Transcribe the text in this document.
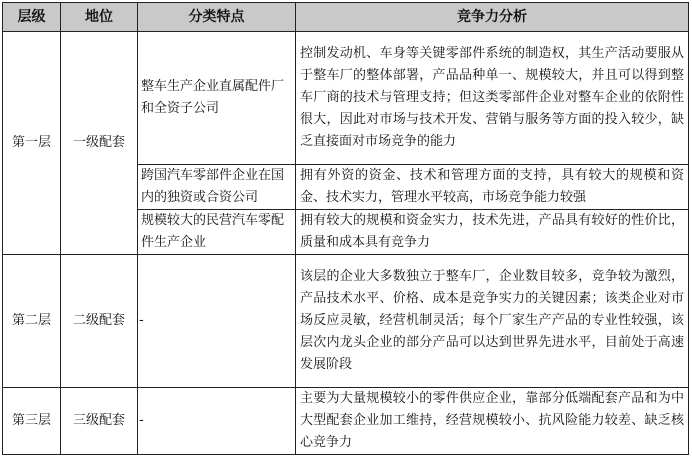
层级	地位	分类特点	竞争力分析
第一层	一级配套	整车生产企业直属配件厂和全资子公司	控制发动机、车身等关键零部件系统的制造权，其生产活动要服从于整车厂的整体部署，产品品种单一、规模较大，并且可以得到整车厂商的技术与管理支持；但这类零部件企业对整车企业的依附性很大，因此对市场与技术开发、营销与服务等方面的投入较少，缺乏直接面对市场竞争的能力
		跨国汽车零部件企业在国内的独资或合资公司	拥有外资的资金、技术和管理方面的支持，具有较大的规模和资金、技术实力，管理水平较高，市场竞争能力较强
		规模较大的民营汽车零配件生产企业	拥有较大的规模和资金实力，技术先进，产品具有较好的性价比，质量和成本具有竞争力
第二层	二级配套	-	该层的企业大多数独立于整车厂，企业数目较多，竞争较为激烈，产品技术水平、价格、成本是竞争实力的关键因素；该类企业对市场反应灵敏，经营机制灵活；每个厂家生产产品的专业性较强，该层次内龙头企业的部分产品可以达到世界先进水平，目前处于高速发展阶段
第三层	三级配套	-	主要为大量规模较小的零件供应企业，靠部分低端配套产品和为中大型配套企业加工维持，经营规模较小、抗风险能力较差、缺乏核心竞争力
